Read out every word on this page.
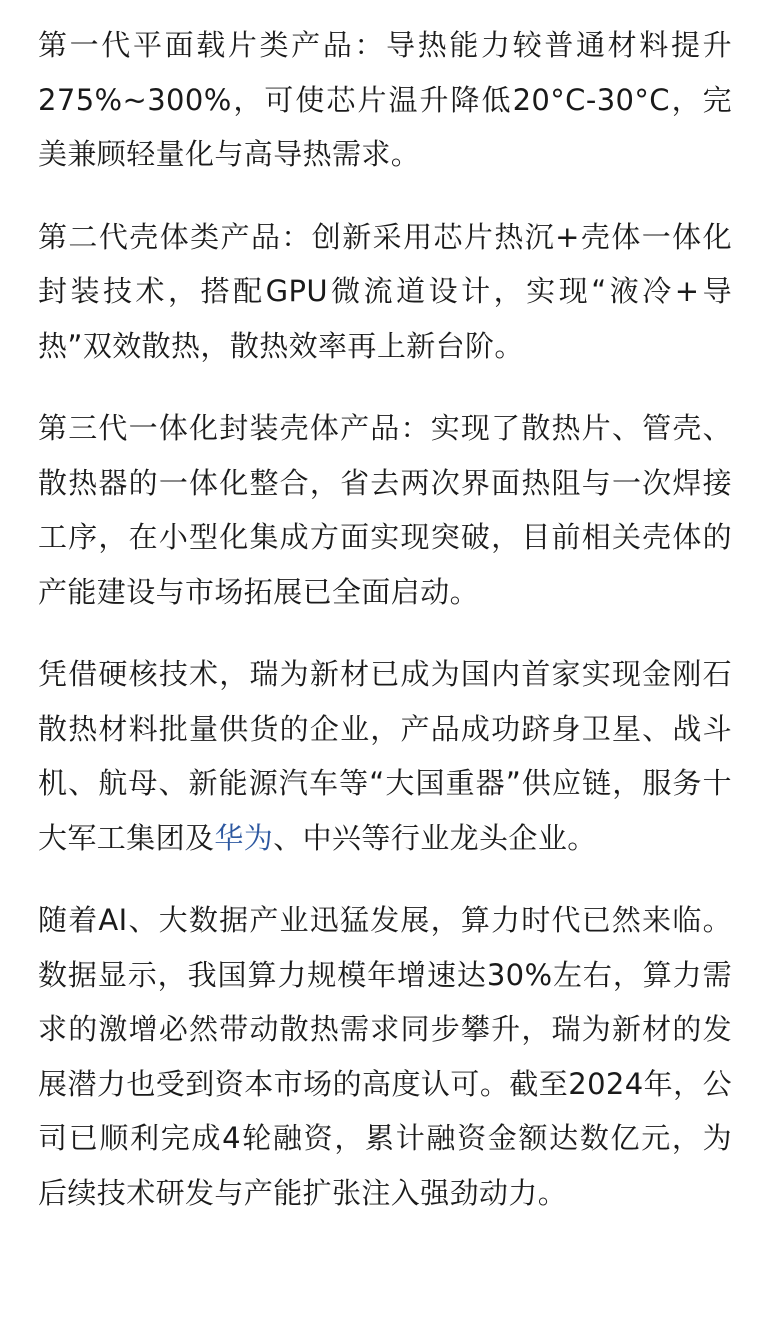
第一代平面载片类产品：导热能力较普通材料提升275%~300%，可使芯片温升降低20°C-30°C，完美兼顾轻量化与高导热需求。

第二代壳体类产品：创新采用芯片热沉+壳体一体化封装技术，搭配GPU微流道设计，实现“液冷+导热”双效散热，散热效率再上新台阶。

第三代一体化封装壳体产品：实现了散热片、管壳、散热器的一体化整合，省去两次界面热阻与一次焊接工序，在小型化集成方面实现突破，目前相关壳体的产能建设与市场拓展已全面启动。

凭借硬核技术，瑞为新材已成为国内首家实现金刚石散热材料批量供货的企业，产品成功跻身卫星、战斗机、航母、新能源汽车等“大国重器”供应链，服务十大军工集团及华为、中兴等行业龙头企业。

随着AI、大数据产业迅猛发展，算力时代已然来临。数据显示，我国算力规模年增速达30%左右，算力需求的激增必然带动散热需求同步攀升，瑞为新材的发展潜力也受到资本市场的高度认可。截至2024年，公司已顺利完成4轮融资，累计融资金额达数亿元，为后续技术研发与产能扩张注入强劲动力。
